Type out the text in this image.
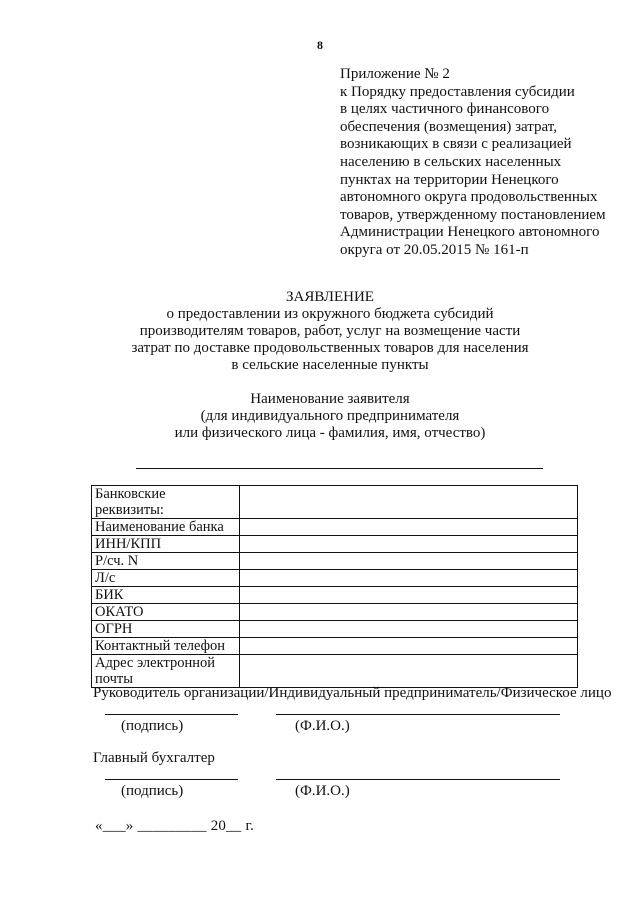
8
Приложение № 2
к Порядку предоставления субсидии
в целях частичного финансового
обеспечения (возмещения) затрат,
возникающих в связи с реализацией
населению в сельских населенных
пунктах на территории Ненецкого
автономного округа продовольственных
товаров, утвержденному постановлением
Администрации Ненецкого автономного
округа от 20.05.2015 № 161-п
ЗАЯВЛЕНИЕ
о предоставлении из окружного бюджета субсидий
производителям товаров, работ, услуг на возмещение части
затрат по доставке продовольственных товаров для населения
в сельские населенные пункты
Наименование заявителя
(для индивидуального предпринимателя
или физического лица - фамилия, имя, отчество)
Банковские реквизиты:	
Наименование банка	
ИНН/КПП	
Р/сч. N	
Л/с	
БИК	
ОКАТО	
ОГРН	
Контактный телефон	

Адрес электронной
почты	

Руководитель организации/Индивидуальный предприниматель/Физическое лицо
(подпись)	(Ф.И.О.)
Главный бухгалтер
(подпись)	(Ф.И.О.)
«___» _________ 20__ г.
